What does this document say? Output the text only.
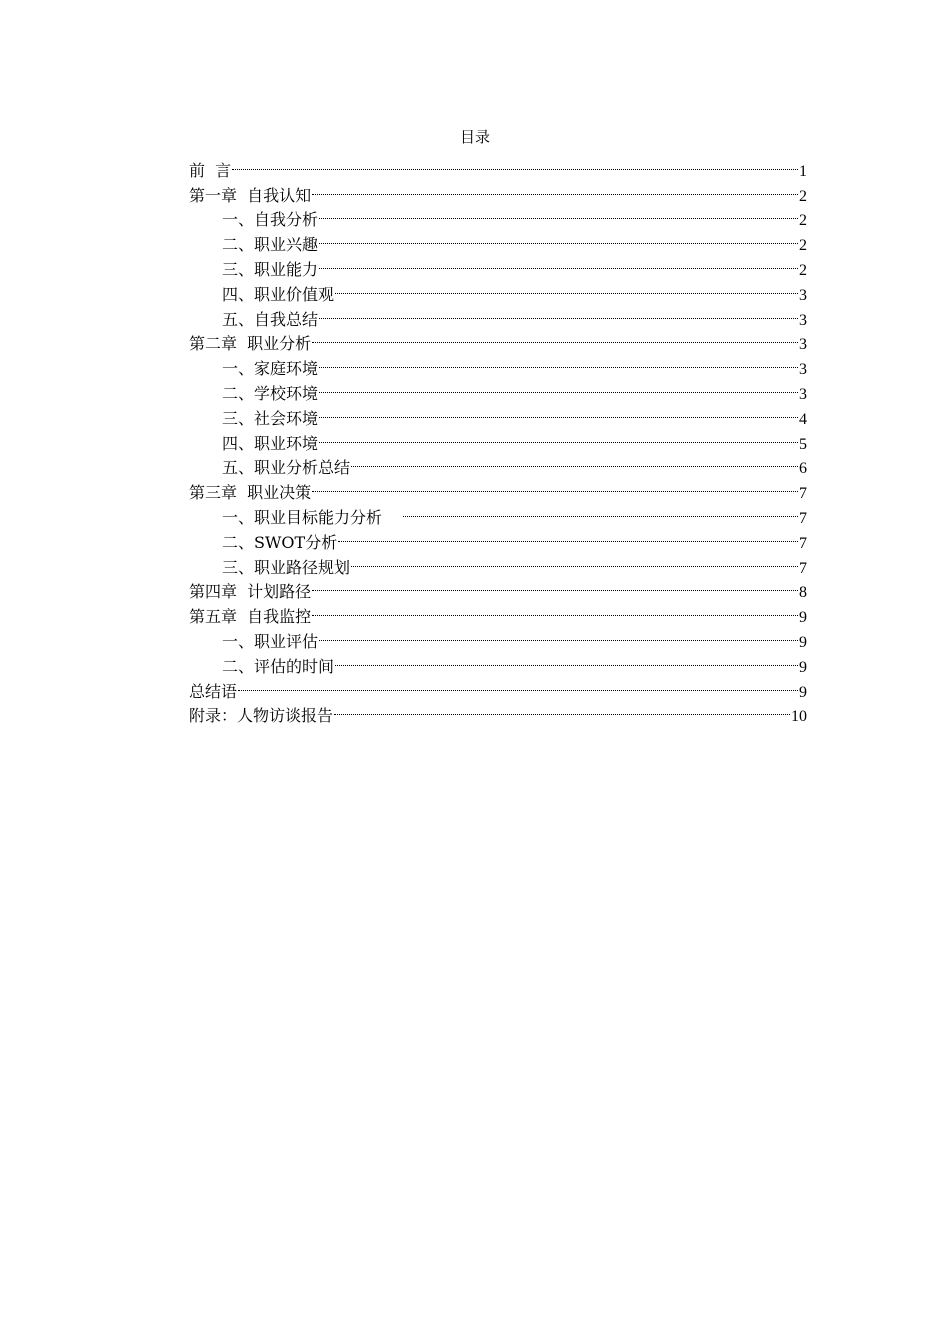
目录
前  言	1
第一章  自我认知	2
一、自我分析	2
二、职业兴趣	2
三、职业能力	2
四、职业价值观	3
五、自我总结	3
第二章  职业分析	3
一、家庭环境	3
二、学校环境	3
三、社会环境	4
四、职业环境	5
五、职业分析总结	6
第三章  职业决策	7
一、职业目标能力分析	7
二、SWOT分析	7
三、职业路径规划	7
第四章  计划路径	8
第五章  自我监控	9
一、职业评估	9
二、评估的时间	9
总结语	9
附录：人物访谈报告	10
